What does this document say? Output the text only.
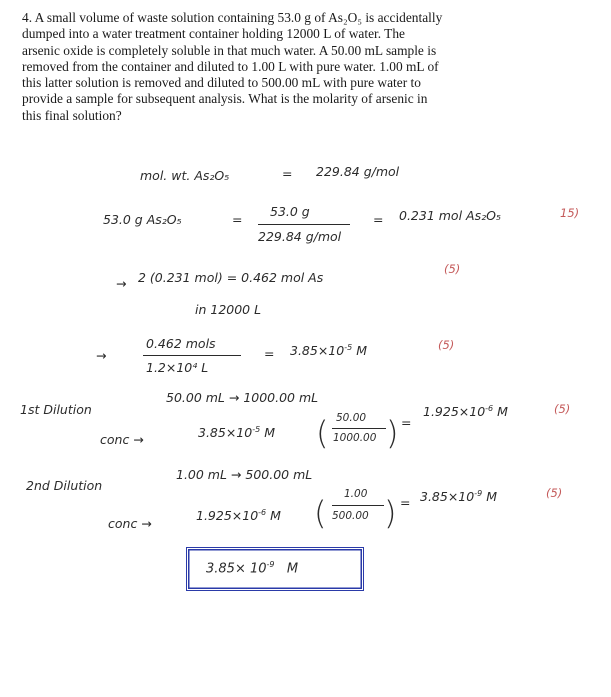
4. A small volume of waste solution containing 53.0 g of As₂O₅ is accidentally
dumped into a water treatment container holding 12000 L of water. The
arsenic oxide is completely soluble in that much water. A 50.00 mL sample is
removed from the container and diluted to 1.00 L with pure water. 1.00 mL of
this latter solution is removed and diluted to 500.00 mL with pure water to
provide a sample for subsequent analysis. What is the molarity of arsenic in
this final solution?
mol. wt. As₂O₅	= 229.84 g/mol
53.0 g As₂O₅	=
53.0 g
229.84 g/mol
= 0.231 mol As₂O₅	15)
→ 2 (0.231 mol) = 0.462 mol As
(5)
in 12000 L
→
0.462 mols
1.2×10⁴ L
= $3.85\times 10^{-5}$ M	(5)
1st Dilution
50.00 mL → 1000.00 mL
conc →	$3.85\times 10^{-5}$ M ( 50.00
1000.00 ) =
$1.925\times 10^{-6}$ M	(5)
2nd Dilution
1.00 mL → 500.00 mL
conc →
$1.925\times 10^{-6}$ M ( 1.00
500.00 ) = $3.85\times 10^{-9}$ M	(5)
$3.85\times 10^{-9}$ M
